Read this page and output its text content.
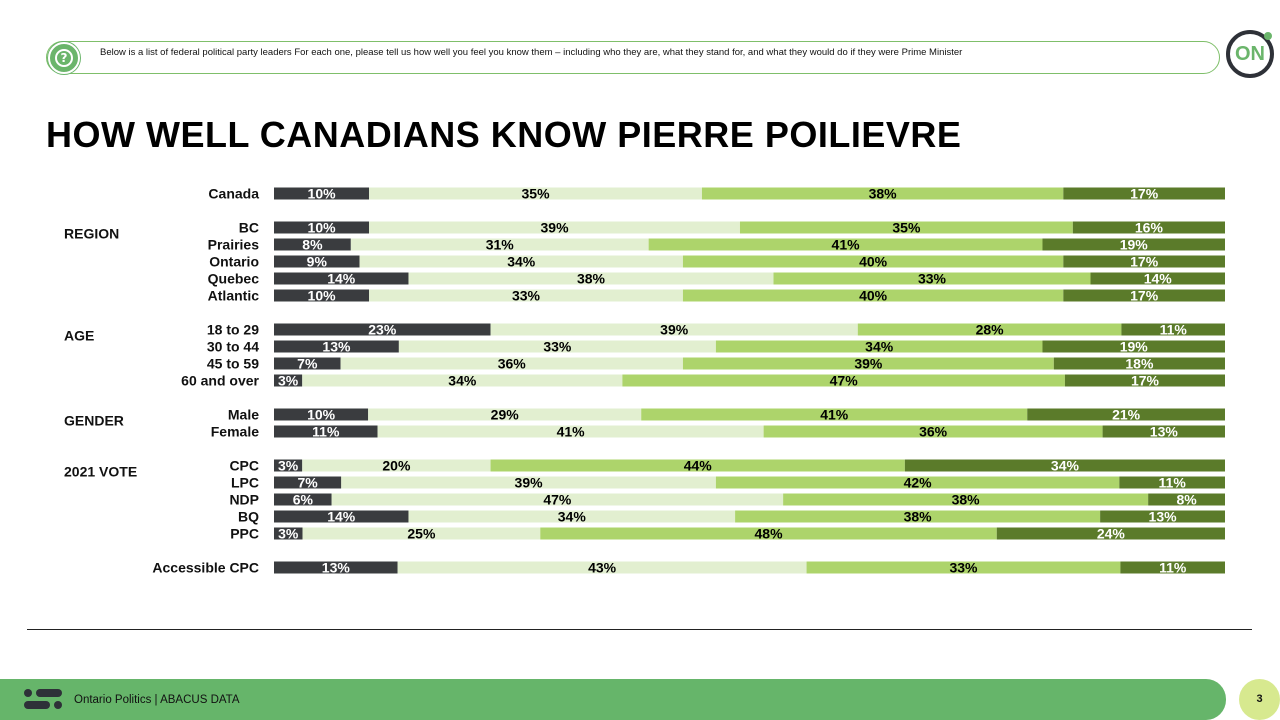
?	Below is a list of federal political party leaders For each one, please tell us how well you feel you know them – including who they are, what they stand for, and what they would do if they were Prime Minister	ON
HOW WELL CANADIANS KNOW PIERRE POILIEVRE
Canada	10%	35%	38%	17%
REGION	BC	10%	39%	35%	16%
Prairies	8%	31%	41%	19%
Ontario	9%	34%	40%	17%
Quebec	14%	38%	33%	14%
Atlantic	10%	33%	40%	17%
AGE	18 to 29	23%	39%	28%	11%
30 to 44	13%	33%	34%	19%
45 to 59	7%	36%	39%	18%
60 and over 3%	34%	47%	17%
GENDER	Male	10%	29%	41%	21%
Female	11%	41%	36%	13%
2021 VOTE	CPC 3%	20%	44%	34%
LPC	7%	39%	42%	11%
NDP 6%	47%	38%	8%
BQ	14%	34%	38%	13%
PPC 3%	25%	48%	24%
Accessible CPC	13%	43%	33%	11%
Ontario Politics | ABACUS DATA	3
